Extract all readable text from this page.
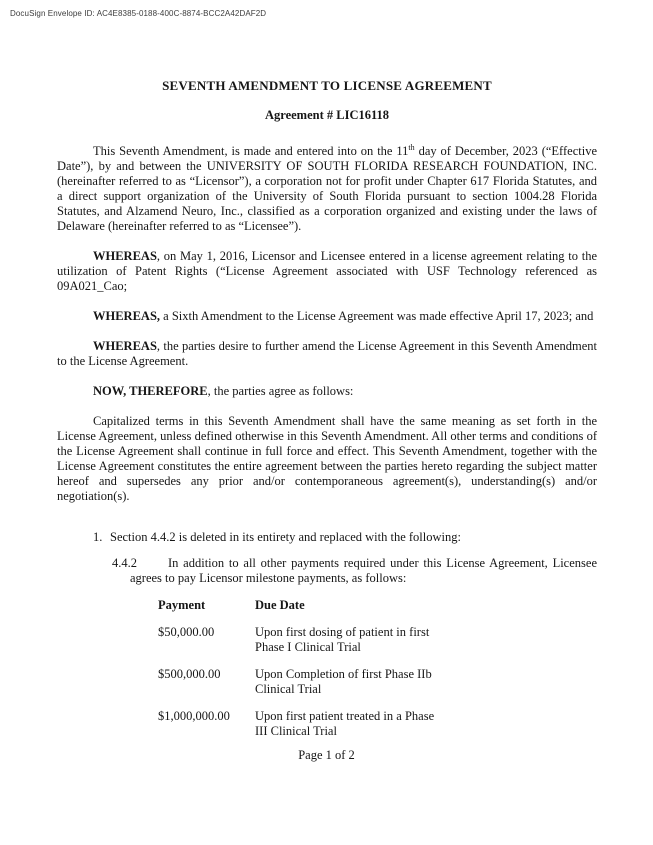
DocuSign Envelope ID: AC4E8385-0188-400C-8874-BCC2A42DAF2D
SEVENTH AMENDMENT TO LICENSE AGREEMENT
Agreement # LIC16118

This Seventh Amendment, is made and entered into on the 11th day of December, 2023 (“Effective Date”), by and between the UNIVERSITY OF SOUTH FLORIDA RESEARCH FOUNDATION, INC. (hereinafter referred to as “Licensor”), a corporation not for profit under Chapter 617 Florida Statutes, and a direct support organization of the University of South Florida pursuant to section 1004.28 Florida Statutes, and Alzamend Neuro, Inc., classified as a corporation organized and existing under the laws of Delaware (hereinafter referred to as “Licensee”).

WHEREAS, on May 1, 2016, Licensor and Licensee entered in a license agreement relating to the utilization of Patent Rights (“License Agreement associated with USF Technology referenced as 09A021_Cao;

WHEREAS, a Sixth Amendment to the License Agreement was made effective April 17, 2023; and

WHEREAS, the parties desire to further amend the License Agreement in this Seventh Amendment to the License Agreement.

NOW, THEREFORE, the parties agree as follows:

Capitalized terms in this Seventh Amendment shall have the same meaning as set forth in the License Agreement, unless defined otherwise in this Seventh Amendment. All other terms and conditions of the License Agreement shall continue in full force and effect. This Seventh Amendment, together with the License Agreement constitutes the entire agreement between the parties hereto regarding the subject matter hereof and supersedes any prior and/or contemporaneous agreement(s), understanding(s) and/or negotiation(s).

1. Section 4.4.2 is deleted in its entirety and replaced with the following:
4.4.2	In addition to all other payments required under this License Agreement, Licensee agrees to pay Licensor milestone payments, as follows:

Payment	Due Date
$50,000.00	Upon first dosing of patient in first Phase I Clinical Trial
$500,000.00	Upon Completion of first Phase IIb Clinical Trial
$1,000,000.00	Upon first patient treated in a Phase III Clinical Trial
Page 1 of 2
